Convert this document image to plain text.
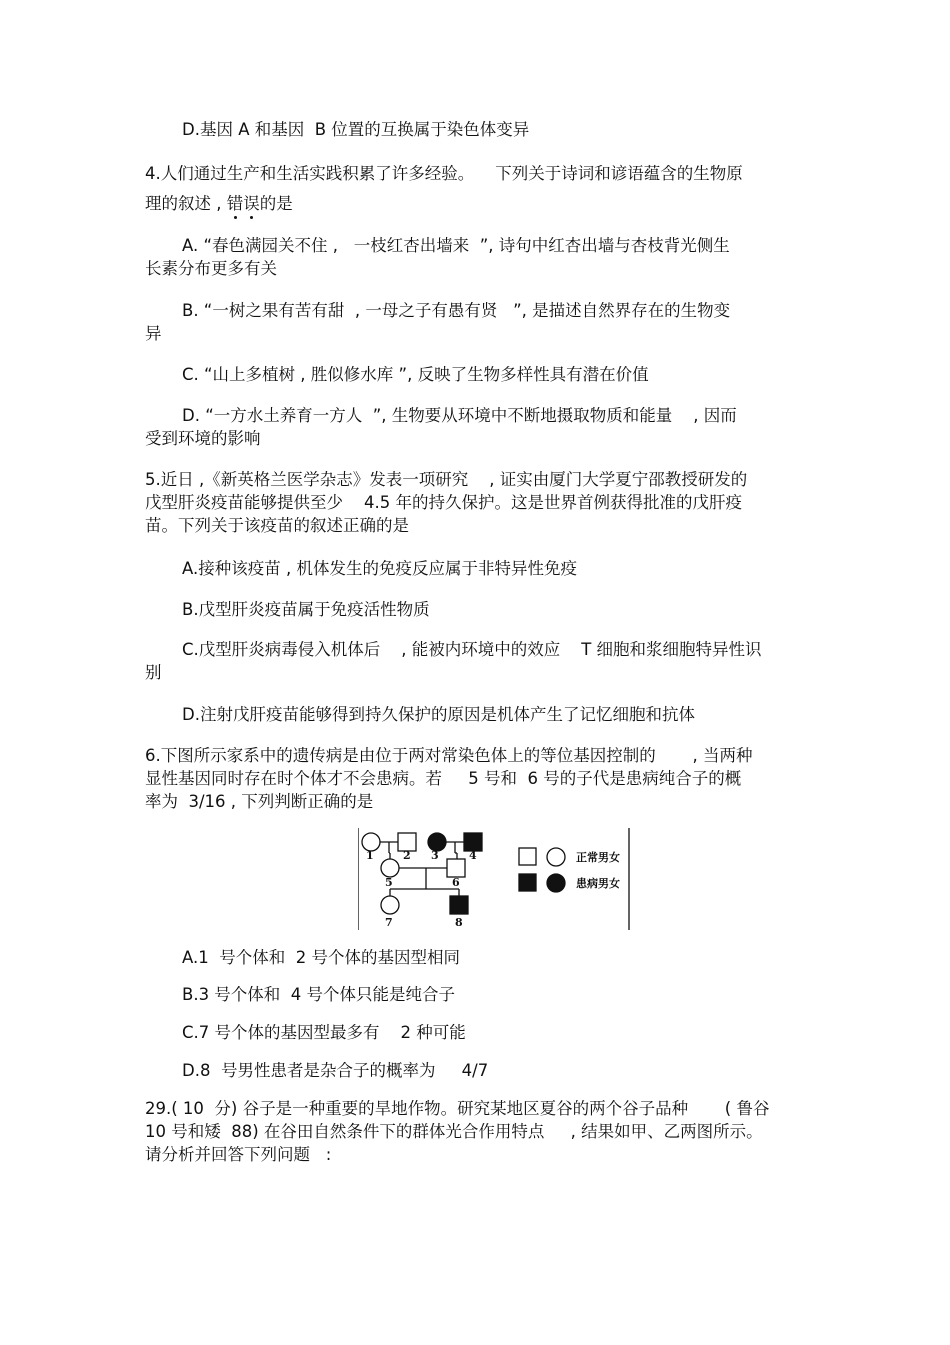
D.基因 A 和基因  B 位置的互换属于染色体变异
4.人们通过生产和生活实践积累了许多经验。    下列关于诗词和谚语蕴含的生物原
理的叙述 , 错误的是
A. “春色满园关不住 ,   一枝红杏出墙来  ”, 诗句中红杏出墙与杏枝背光侧生
长素分布更多有关
B. “一树之果有苦有甜  , 一母之子有愚有贤   ”, 是描述自然界存在的生物变
异
C. “山上多植树 , 胜似修水库 ”, 反映了生物多样性具有潜在价值
D. “一方水土养育一方人  ”, 生物要从环境中不断地摄取物质和能量    , 因而
受到环境的影响
5.近日 ,《新英格兰医学杂志》发表一项研究    , 证实由厦门大学夏宁邵教授研发的
戊型肝炎疫苗能够提供至少    4.5 年的持久保护。这是世界首例获得批准的戊肝疫
苗。下列关于该疫苗的叙述正确的是
A.接种该疫苗 , 机体发生的免疫反应属于非特异性免疫
B.戊型肝炎疫苗属于免疫活性物质
C.戊型肝炎病毒侵入机体后    , 能被内环境中的效应    T 细胞和浆细胞特异性识
别
D.注射戊肝疫苗能够得到持久保护的原因是机体产生了记忆细胞和抗体
6.下图所示家系中的遗传病是由位于两对常染色体上的等位基因控制的       , 当两种
显性基因同时存在时个体才不会患病。若     5 号和  6 号的子代是患病纯合子的概
率为  3/16 , 下列判断正确的是
1	2 3	4
5	6
7	8
正常男女
患病男女
A.1  号个体和  2 号个体的基因型相同
B.3 号个体和  4 号个体只能是纯合子
C.7 号个体的基因型最多有    2 种可能
D.8  号男性患者是杂合子的概率为     4/7
29.( 10  分) 谷子是一种重要的旱地作物。研究某地区夏谷的两个谷子品种       ( 鲁谷
10 号和矮  88) 在谷田自然条件下的群体光合作用特点     , 结果如甲、乙两图所示。
请分析并回答下列问题   :
